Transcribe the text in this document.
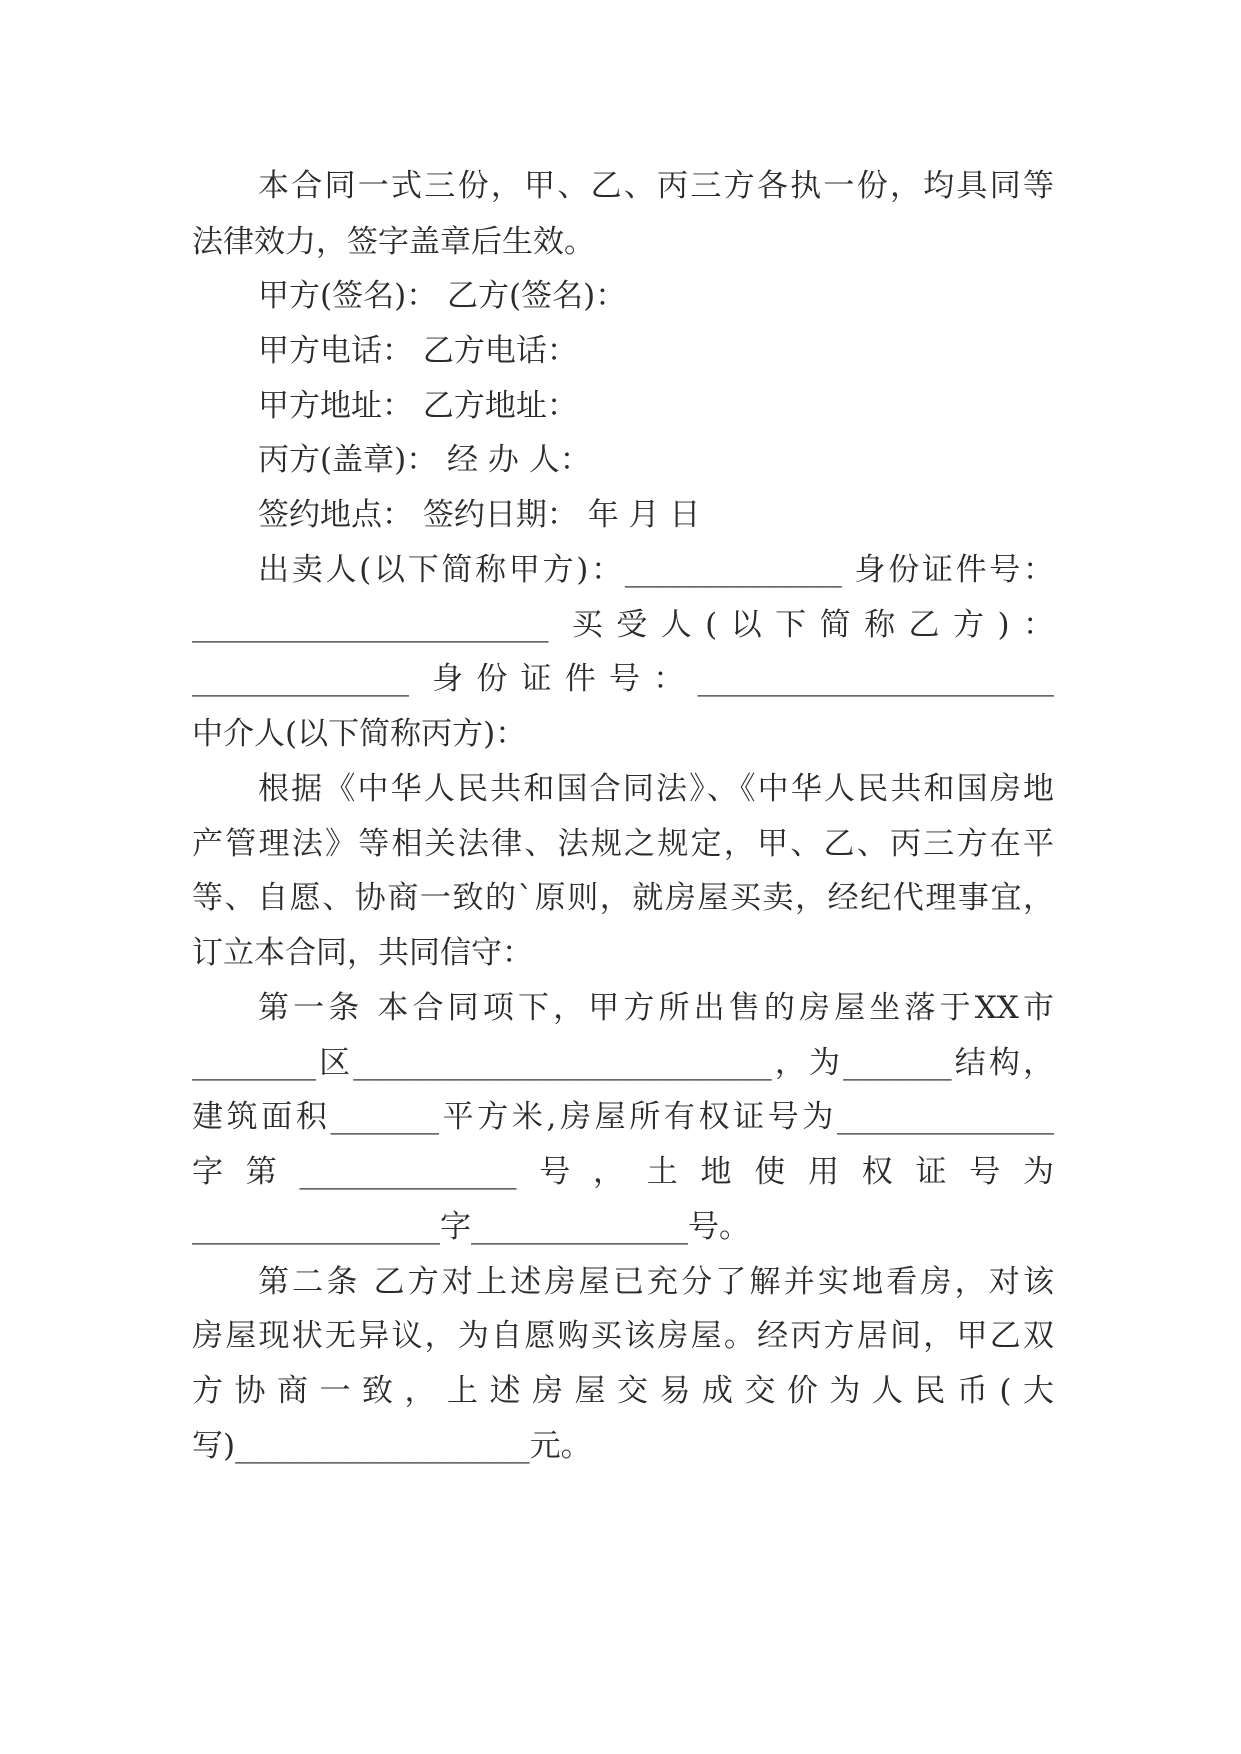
本合同一式三份，甲、乙、丙三方各执一份，均具同等
法律效力，签字盖章后生效。
甲方(签名)： 乙方(签名)：
甲方电话： 乙方电话：
甲方地址： 乙方地址：
丙方(盖章)： 经 办 人：
签约地点： 签约日期： 年 月 日
出卖人(以下简称甲方)：______________ 身份证件号：
_______________________ 买受人(以下简称乙方)：
______________ 身份证件号：_______________________
中介人(以下简称丙方)：
根据《中华人民共和国合同法》、《中华人民共和国房地
产管理法》等相关法律、法规之规定，甲、乙、丙三方在平
等、自愿、协商一致的`原则，就房屋买卖，经纪代理事宜，
订立本合同，共同信守：
第一条 本合同项下，甲方所出售的房屋坐落于XX市
________区___________________________，为_______结构，
建筑面积_______平方米,房屋所有权证号为______________
字第______________号，土地使用权证号为
________________字______________号。
第二条 乙方对上述房屋已充分了解并实地看房，对该
房屋现状无异议，为自愿购买该房屋。经丙方居间，甲乙双
方协商一致，上述房屋交易成交价为人民币(大
写)___________________元。
